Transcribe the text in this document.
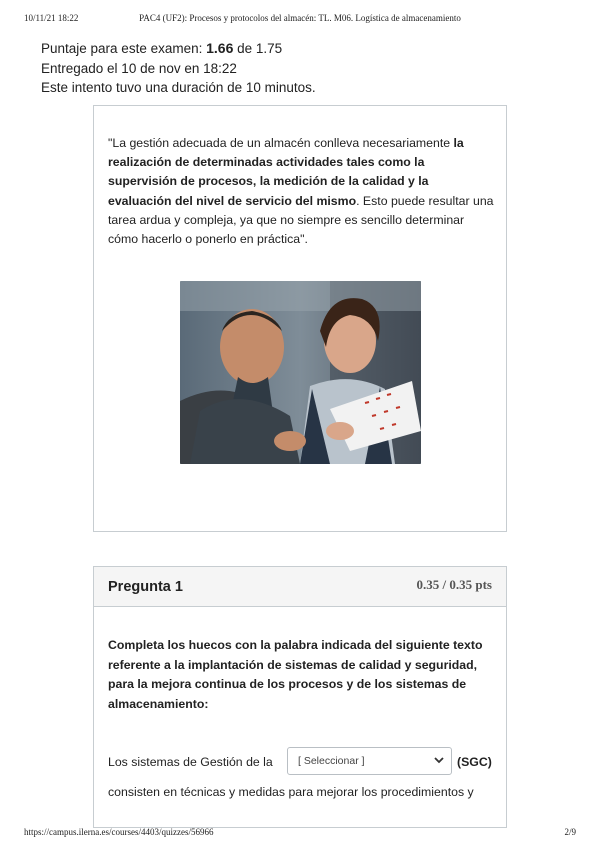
10/11/21 18:22	PAC4 (UF2): Procesos y protocolos del almacén: TL. M06. Logística de almacenamiento
Puntaje para este examen: 1.66 de 1.75
Entregado el 10 de nov en 18:22
Este intento tuvo una duración de 10 minutos.
"La gestión adecuada de un almacén conlleva necesariamente la realización de determinadas actividades tales como la supervisión de procesos, la medición de la calidad y la evaluación del nivel de servicio del mismo. Esto puede resultar una tarea ardua y compleja, ya que no siempre es sencillo determinar cómo hacerlo o ponerlo en práctica".
Pregunta 1	0.35 / 0.35 pts
Completa los huecos con la palabra indicada del siguiente texto referente a la implantación de sistemas de calidad y seguridad, para la mejora continua de los procesos y de los sistemas de almacenamiento:
Los sistemas de Gestión de la [ Seleccionar ]	(SGC)
consisten en técnicas y medidas para mejorar los procedimientos y
https://campus.ilerna.es/courses/4403/quizzes/56966	2/9
